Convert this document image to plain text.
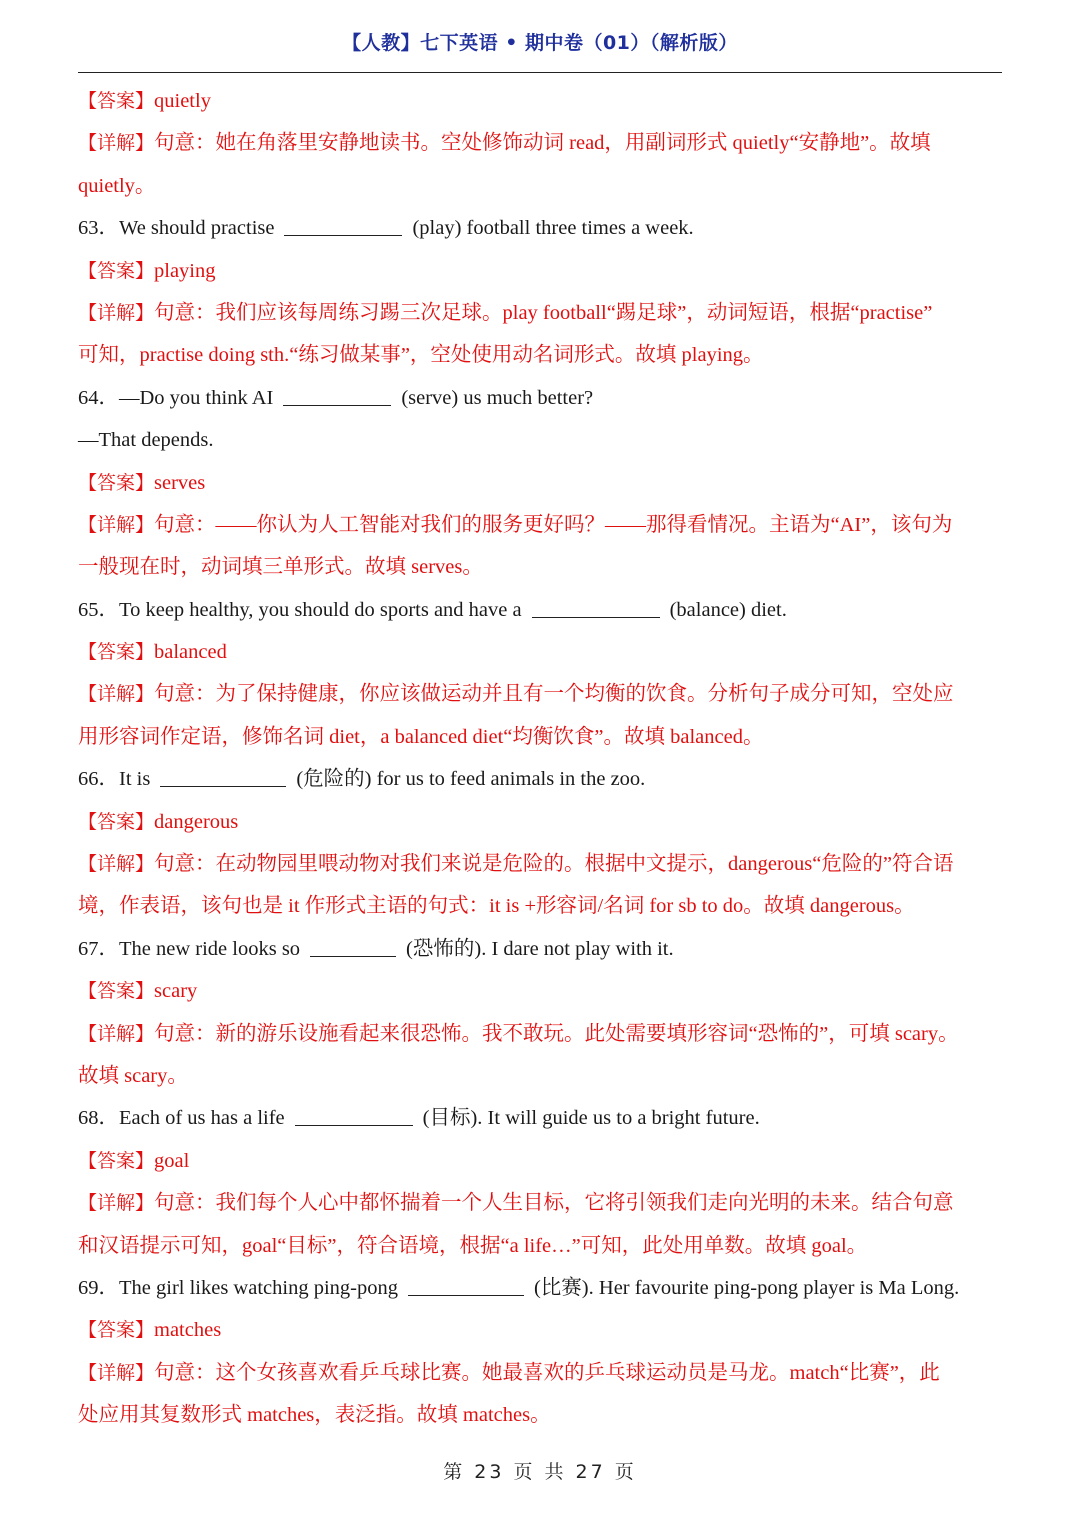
【人教】七下英语 • 期中卷（01）（解析版）
【答案】quietly
【详解】句意：她在角落里安静地读书。空处修饰动词 read，用副词形式 quietly“安静地”。故填
quietly。
63．We should practise	(play) football three times a week.
【答案】playing
【详解】句意：我们应该每周练习踢三次足球。play football“踢足球”，动词短语，根据“practise”
可知，practise doing sth.“练习做某事”，空处使用动名词形式。故填 playing。
64．—Do you think AI	(serve) us much better?
—That depends.
【答案】serves
【详解】句意：——你认为人工智能对我们的服务更好吗？——那得看情况。主语为“AI”，该句为
一般现在时，动词填三单形式。故填 serves。
65．To keep healthy, you should do sports and have a	(balance) diet.
【答案】balanced
【详解】句意：为了保持健康，你应该做运动并且有一个均衡的饮食。分析句子成分可知，空处应
用形容词作定语，修饰名词 diet，a balanced diet“均衡饮食”。故填 balanced。
66．It is	(危险的) for us to feed animals in the zoo.
【答案】dangerous
【详解】句意：在动物园里喂动物对我们来说是危险的。根据中文提示，dangerous“危险的”符合语
境，作表语，该句也是 it 作形式主语的句式：it is +形容词/名词 for sb to do。故填 dangerous。
67．The new ride looks so	(恐怖的). I dare not play with it.
【答案】scary
【详解】句意：新的游乐设施看起来很恐怖。我不敢玩。此处需要填形容词“恐怖的”，可填 scary。
故填 scary。
68．Each of us has a life	(目标). It will guide us to a bright future.
【答案】goal
【详解】句意：我们每个人心中都怀揣着一个人生目标，它将引领我们走向光明的未来。结合句意
和汉语提示可知，goal“目标”，符合语境，根据“a life…”可知，此处用单数。故填 goal。
69．The girl likes watching ping-pong	(比赛). Her favourite ping-pong player is Ma Long.
【答案】matches
【详解】句意：这个女孩喜欢看乒乓球比赛。她最喜欢的乒乓球运动员是马龙。match“比赛”，此
处应用其复数形式 matches，表泛指。故填 matches。
第 23 页 共 27 页
